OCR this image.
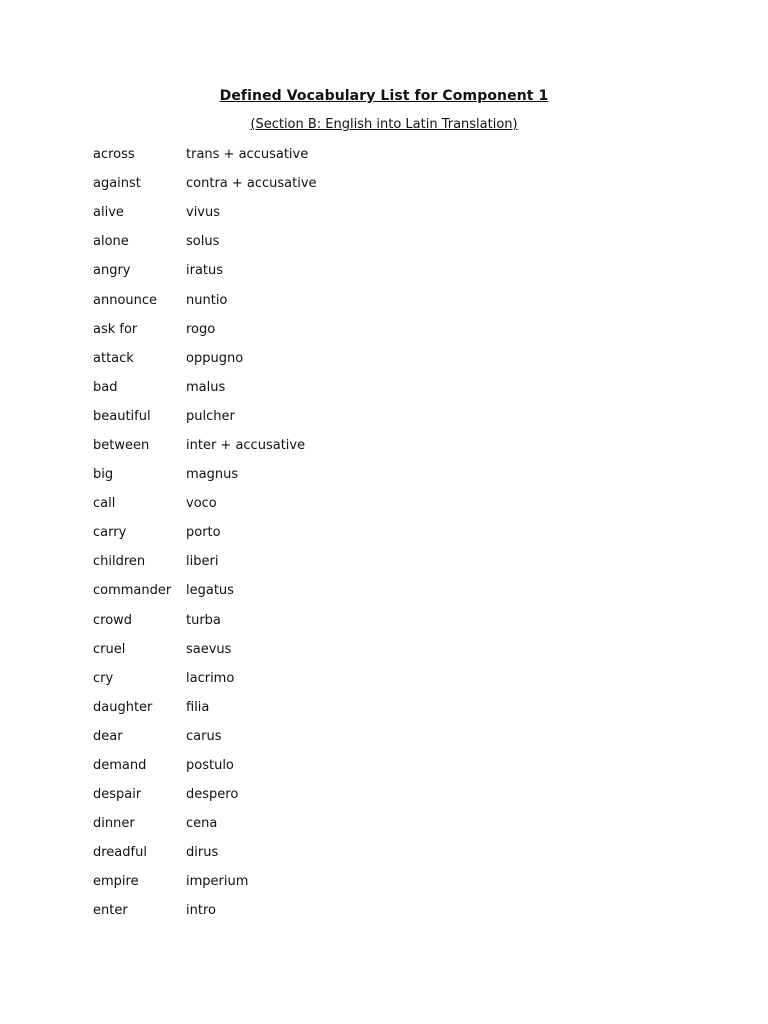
Defined Vocabulary List for Component 1
(Section B: English into Latin Translation)
across	trans + accusative
against	contra + accusative
alive	vivus
alone	solus
angry	iratus
announce	nuntio
ask for	rogo
attack	oppugno
bad	malus
beautiful	pulcher
between	inter + accusative
big	magnus
call	voco
carry	porto
children	liberi
commander	legatus
crowd	turba
cruel	saevus
cry	lacrimo
daughter	filia
dear	carus
demand	postulo
despair	despero
dinner	cena
dreadful	dirus
empire	imperium
enter	intro
